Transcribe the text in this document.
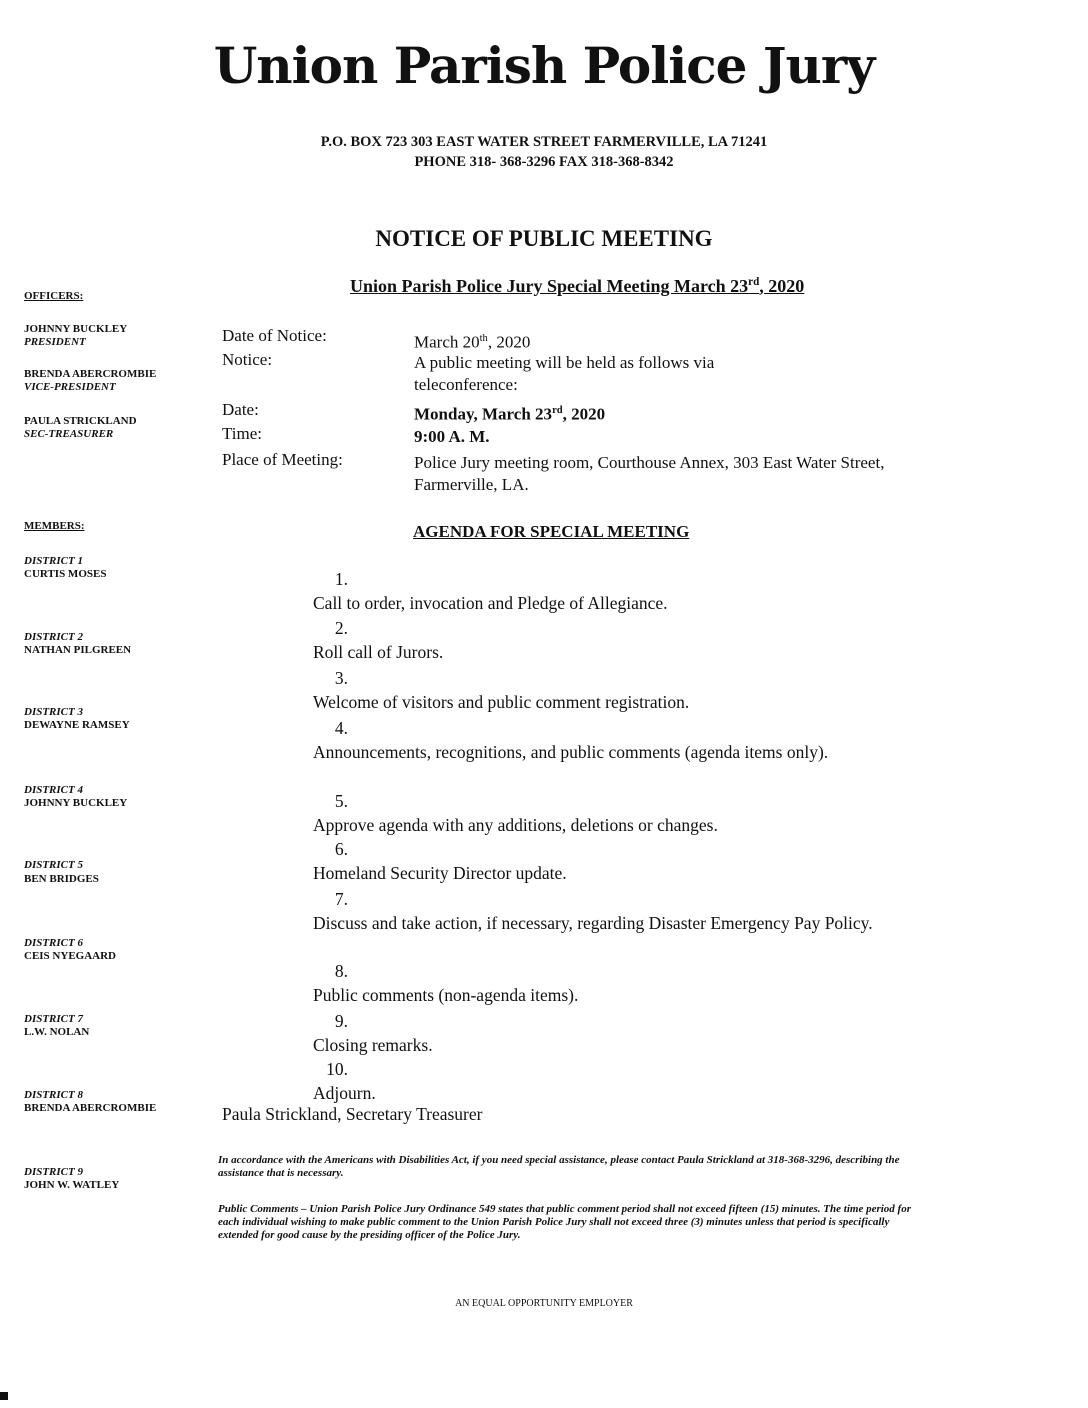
Union Parish Police Jury
P.O. BOX 723 303 EAST WATER STREET FARMERVILLE, LA 71241
PHONE 318- 368-3296 FAX 318-368-8342
NOTICE OF PUBLIC MEETING
Union Parish Police Jury Special Meeting March 23rd, 2020
OFFICERS:
JOHNNY BUCKLEY
PRESIDENT
BRENDA ABERCROMBIE
VICE-PRESIDENT
PAULA STRICKLAND
SEC-TREASURER
MEMBERS:
DISTRICT 1
CURTIS MOSES
DISTRICT 2
NATHAN PILGREEN
DISTRICT 3
DEWAYNE RAMSEY
DISTRICT 4
JOHNNY BUCKLEY
DISTRICT 5
BEN BRIDGES
DISTRICT 6
CEIS NYEGAARD
DISTRICT 7
L.W. NOLAN
DISTRICT 8
BRENDA ABERCROMBIE
DISTRICT 9
JOHN W. WATLEY
Date of Notice:	March 20th, 2020
Notice:	A public meeting will be held as follows via teleconference:
Date:	Monday, March 23rd, 2020
Time:	9:00 A. M.
Place of Meeting:	Police Jury meeting room, Courthouse Annex, 303 East Water Street, Farmerville, LA.
AGENDA FOR SPECIAL MEETING
1. Call to order, invocation and Pledge of Allegiance.
2. Roll call of Jurors.
3. Welcome of visitors and public comment registration.
4. Announcements, recognitions, and public comments (agenda items only).
5. Approve agenda with any additions, deletions or changes.
6. Homeland Security Director update.
7. Discuss and take action, if necessary, regarding Disaster Emergency Pay Policy.
8. Public comments (non-agenda items).
9. Closing remarks.
10. Adjourn.
Paula Strickland, Secretary Treasurer
In accordance with the Americans with Disabilities Act, if you need special assistance, please contact Paula Strickland at 318-368-3296, describing the assistance that is necessary.
Public Comments – Union Parish Police Jury Ordinance 549 states that public comment period shall not exceed fifteen (15) minutes. The time period for each individual wishing to make public comment to the Union Parish Police Jury shall not exceed three (3) minutes unless that period is specifically extended for good cause by the presiding officer of the Police Jury.
AN EQUAL OPPORTUNITY EMPLOYER
